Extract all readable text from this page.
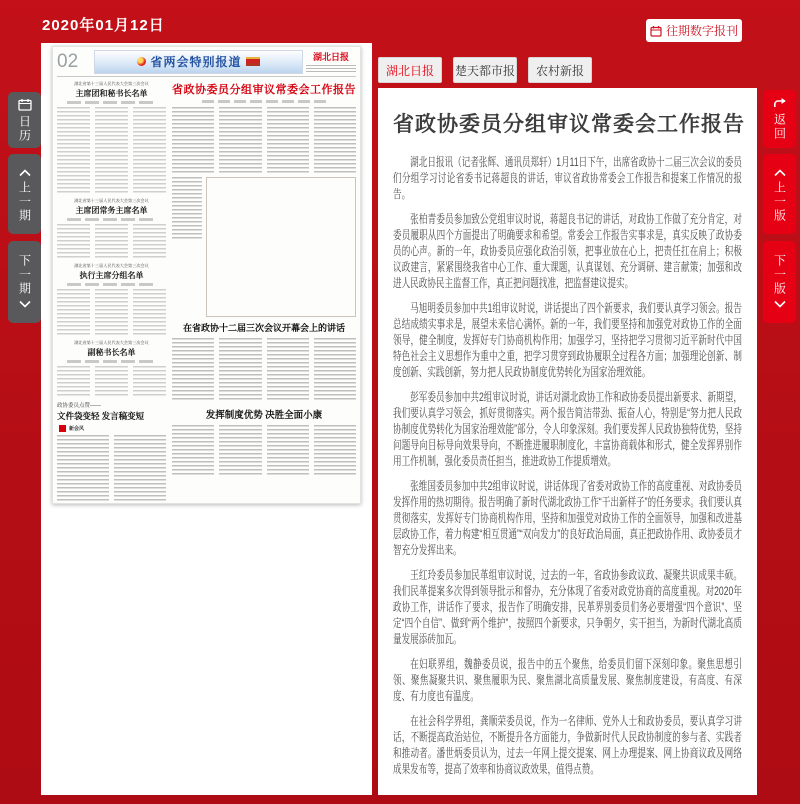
2020年01月12日	往期数字报刊
日历
上一期
下一期
返回
上一版
下一版
02	省两会特别报道	湖北日报
湖北省第十三届人民代表大会第三次会议
主席团和秘书长名单
湖北省第十三届人民代表大会第三次会议
主席团常务主席名单
湖北省第十三届人民代表大会第三次会议
执行主席分组名单
湖北省第十三届人民代表大会第三次会议
副秘书长名单
政协委员点赞——
文件袋变轻 发言稿变短
新会风
省政协委员分组审议常委会工作报告
在省政协十二届三次会议开幕会上的讲话
发挥制度优势 决胜全面小康
湖北日报	楚天都市报	农村新报
省政协委员分组审议常委会工作报告

湖北日报讯（记者张辉、通讯员郑轩）1月11日下午，出席省政协十二届三次会议的委员们分组学习讨论省委书记蒋超良的讲话，审议省政协常委会工作报告和提案工作情况的报告。

张柏青委员参加致公党组审议时说，蒋超良书记的讲话，对政协工作做了充分肯定，对委员履职从四个方面提出了明确要求和希望。常委会工作报告实事求是，真实反映了政协委员的心声。新的一年，政协委员应强化政治引领，把事业放在心上，把责任扛在肩上；积极议政建言，紧紧围绕我省中心工作、重大课题，认真谋划、充分调研、建言献策；加强和改进人民政协民主监督工作，真正把问题找准，把监督建议提实。

马旭明委员参加中共1组审议时说，讲话提出了四个新要求，我们要认真学习领会。报告总结成绩实事求是，展望未来信心满怀。新的一年，我们要坚持和加强党对政协工作的全面领导，健全制度，发挥好专门协商机构作用；加强学习，坚持把学习贯彻习近平新时代中国特色社会主义思想作为重中之重，把学习贯穿到政协履职全过程各方面；加强理论创新、制度创新、实践创新，努力把人民政协制度优势转化为国家治理效能。

彭军委员参加中共2组审议时说，讲话对湖北政协工作和政协委员提出新要求、新期望，我们要认真学习领会，抓好贯彻落实。两个报告简洁带劲、振奋人心，特别是“努力把人民政协制度优势转化为国家治理效能”部分，令人印象深刻。我们要发挥人民政协独特优势，坚持问题导向目标导向效果导向，不断推进履职制度化，丰富协商载体和形式，健全发挥界别作用工作机制，强化委员责任担当，推进政协工作提质增效。

张维国委员参加中共2组审议时说，讲话体现了省委对政协工作的高度重视、对政协委员发挥作用的热切期待。报告明确了新时代湖北政协工作“干出新样子”的任务要求。我们要认真贯彻落实，发挥好专门协商机构作用，坚持和加强党对政协工作的全面领导，加强和改进基层政协工作，着力构建“相互贯通”“双向发力”的良好政治局面，真正把政协作用、政协委员才智充分发挥出来。

王红玲委员参加民革组审议时说，过去的一年，省政协参政议政、凝聚共识成果丰硕。我们民革提案多次得到领导批示和督办，充分体现了省委对政党协商的高度重视。对2020年政协工作，讲话作了要求，报告作了明确安排，民革界别委员们务必要增强“四个意识”、坚定“四个自信”、做到“两个维护”，按照四个新要求，只争朝夕，实干担当，为新时代湖北高质量发展添砖加瓦。

在妇联界组，魏静委员说，报告中的五个聚焦，给委员们留下深刻印象。聚焦思想引领、聚焦凝聚共识、聚焦履职为民、聚焦湖北高质量发展、聚焦制度建设，有高度、有深度、有力度也有温度。

在社会科学界组，龚顺荣委员说，作为一名律师、党外人士和政协委员，要认真学习讲话，不断提高政治站位，不断提升各方面能力，争做新时代人民政协制度的参与者、实践者和推动者。潘世炳委员认为，过去一年网上提交提案、网上办理提案、网上协商议政及网络成果发布等，提高了效率和协商议政效果，值得点赞。
